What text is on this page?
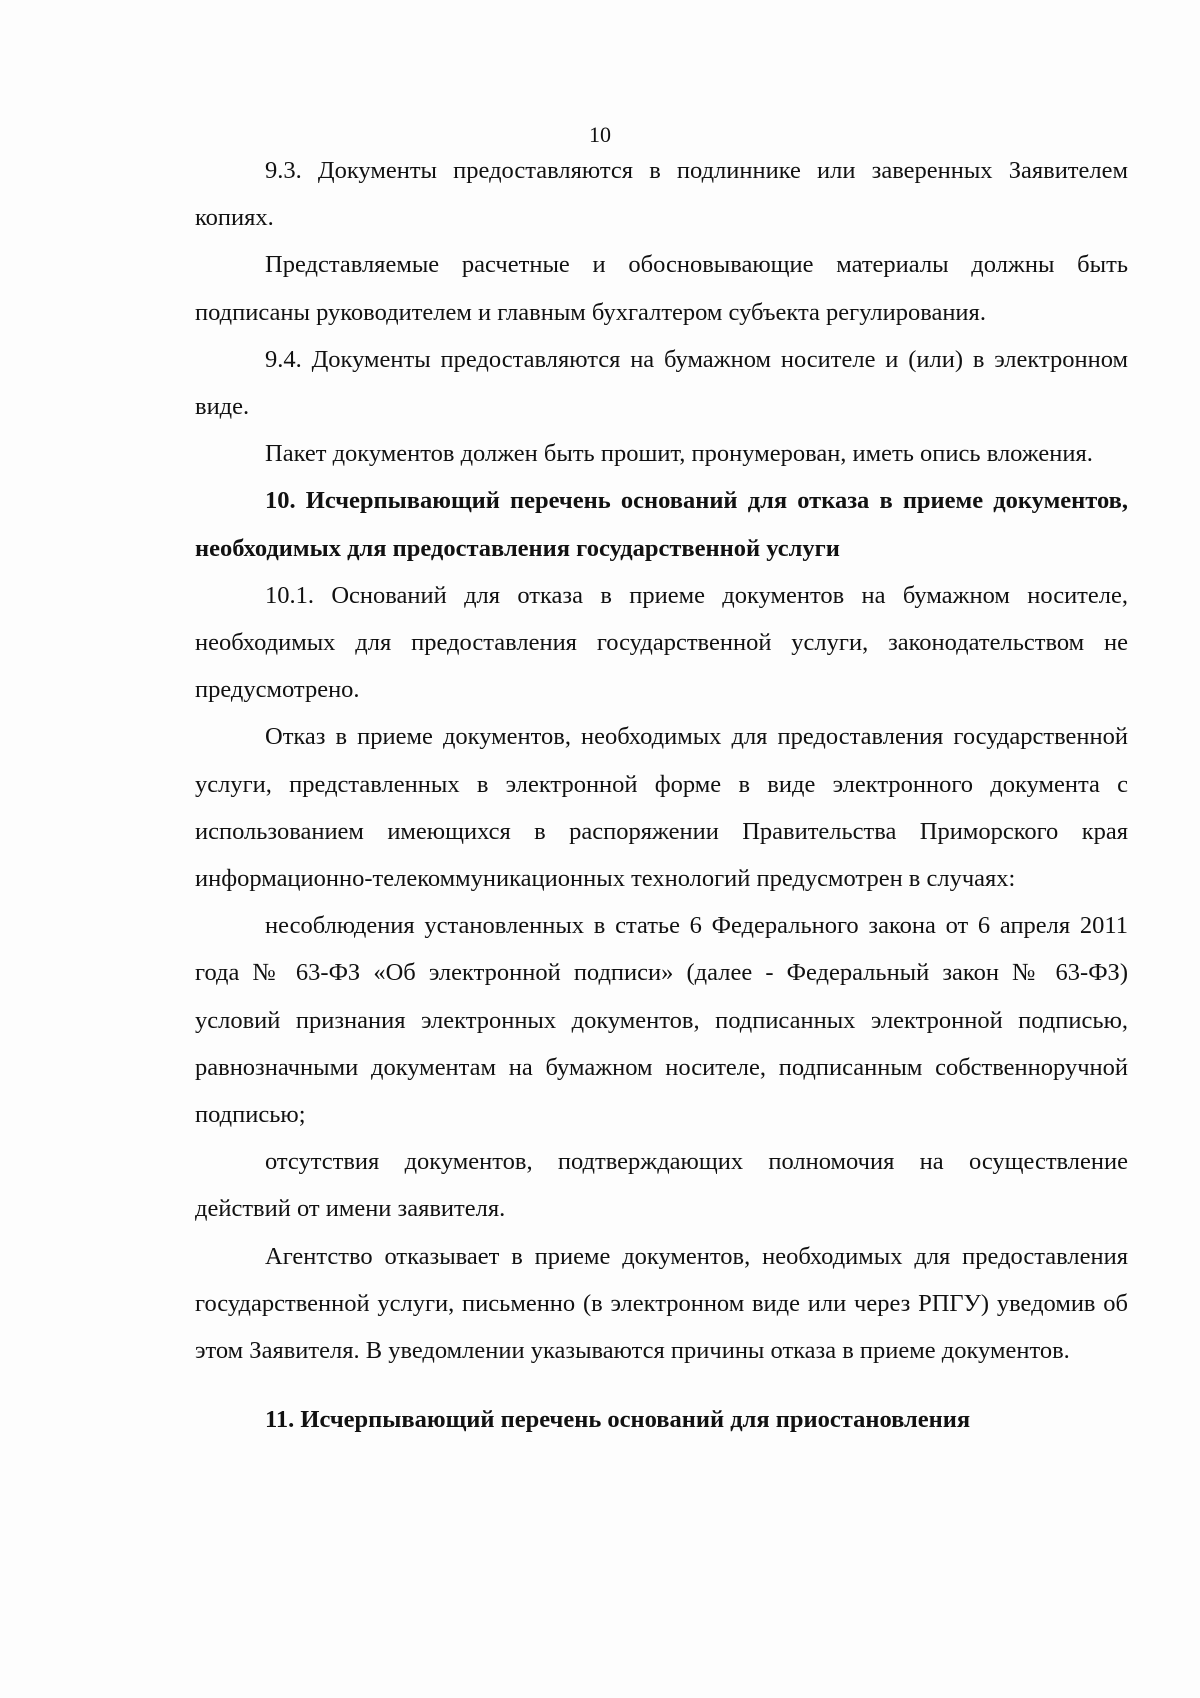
10

9.3. Документы предоставляются в подлиннике или заверенных Заявителем копиях.

Представляемые расчетные и обосновывающие материалы должны быть подписаны руководителем и главным бухгалтером субъекта регулирования.

9.4. Документы предоставляются на бумажном носителе и (или) в электронном виде.

Пакет документов должен быть прошит, пронумерован, иметь опись вложения.

10. Исчерпывающий перечень оснований для отказа в приеме документов, необходимых для предоставления государственной услуги

10.1. Оснований для отказа в приеме документов на бумажном носителе, необходимых для предоставления государственной услуги, законодательством не предусмотрено.

Отказ в приеме документов, необходимых для предоставления государственной услуги, представленных в электронной форме в виде электронного документа с использованием имеющихся в распоряжении Правительства Приморского края информационно-телекоммуникационных технологий предусмотрен в случаях:

несоблюдения установленных в статье 6 Федерального закона от 6 апреля 2011 года № 63-ФЗ «Об электронной подписи» (далее - Федеральный закон № 63-ФЗ) условий признания электронных документов, подписанных электронной подписью, равнозначными документам на бумажном носителе, подписанным собственноручной подписью;

отсутствия документов, подтверждающих полномочия на осуществление действий от имени заявителя.

Агентство отказывает в приеме документов, необходимых для предоставления государственной услуги, письменно (в электронном виде или через РПГУ) уведомив об этом Заявителя. В уведомлении указываются причины отказа в приеме документов.

11. Исчерпывающий перечень оснований для приостановления
